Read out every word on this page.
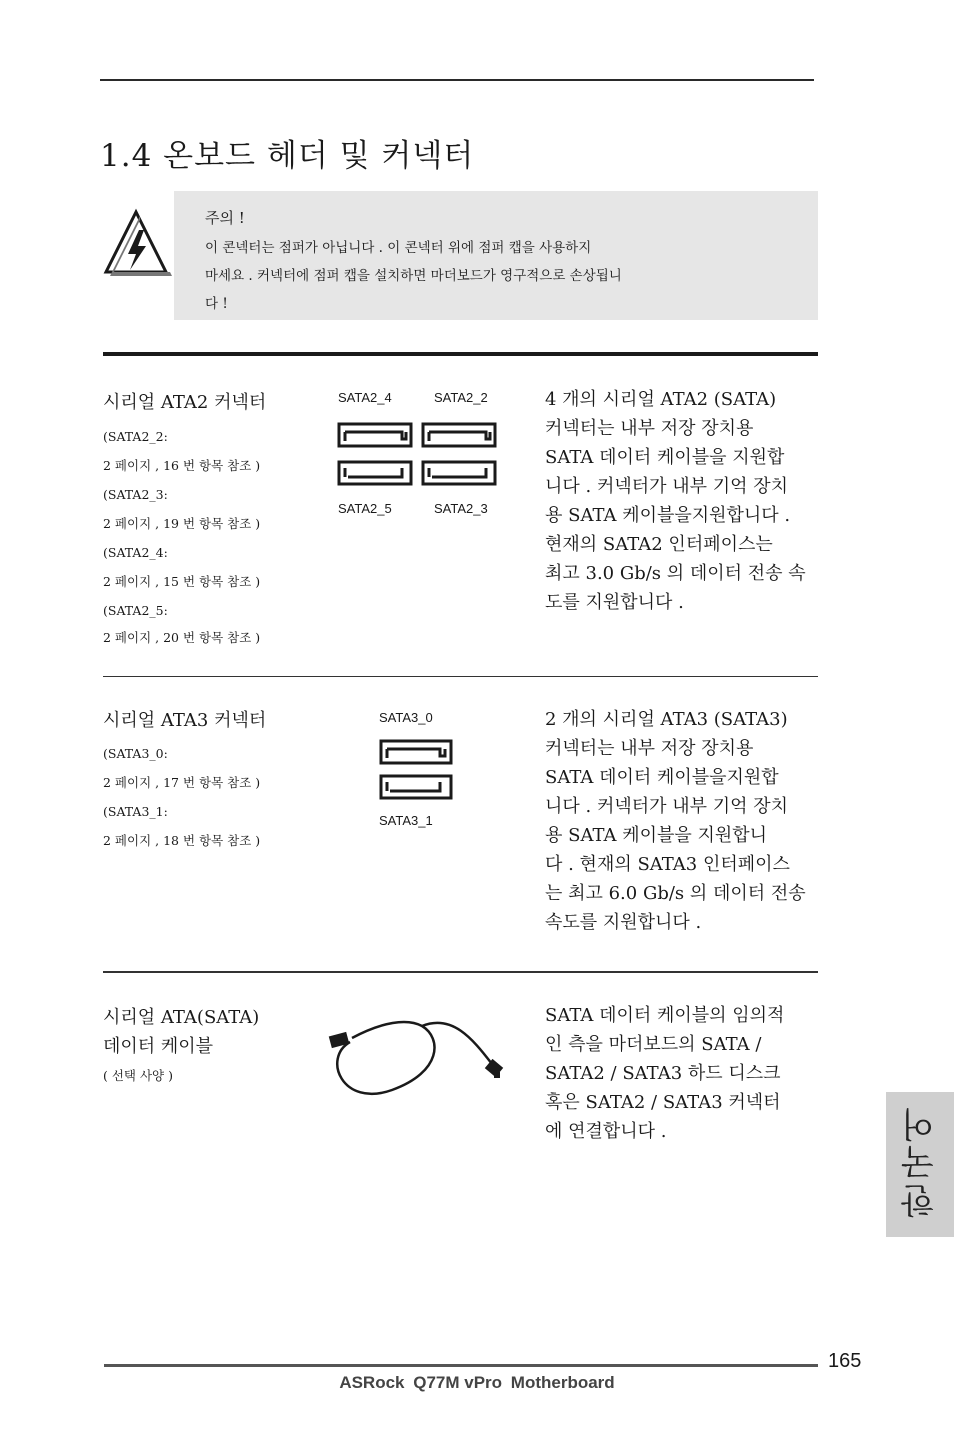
1.4 온보드 헤더 및 커넥터
주의 !
이 콘넥터는 점퍼가 아닙니다 . 이 콘넥터 위에 점퍼 캡을 사용하지
마세요 . 커넥터에 점퍼 캡을 설치하면 마더보드가 영구적으로 손상됩니
다 !
시리얼 ATA2 커넥터
(SATA2_2:
2 페이지 , 16 번 항목 참조 )
(SATA2_3:
2 페이지 , 19 번 항목 참조 )
(SATA2_4:
2 페이지 , 15 번 항목 참조 )
(SATA2_5:
2 페이지 , 20 번 항목 참조 )
SATA2_4	SATA2_2
SATA2_5	SATA2_3
4 개의 시리얼 ATA2 (SATA)
커넥터는 내부 저장 장치용
SATA 데이터 케이블을 지원합
니다 . 커넥터가 내부 기억 장치
용 SATA 케이블을지원합니다 .
현재의 SATA2 인터페이스는
최고 3.0 Gb/s 의 데이터 전송 속
도를 지원합니다 .
시리얼 ATA3 커넥터
(SATA3_0:
2 페이지 , 17 번 항목 참조 )
(SATA3_1:
2 페이지 , 18 번 항목 참조 )
SATA3_0
SATA3_1
2 개의 시리얼 ATA3 (SATA3)
커넥터는 내부 저장 장치용
SATA 데이터 케이블을지원합
니다 . 커넥터가 내부 기억 장치
용 SATA 케이블을 지원합니
다 . 현재의 SATA3 인터페이스
는 최고 6.0 Gb/s 의 데이터 전송
속도를 지원합니다 .
시리얼 ATA(SATA)
데이터 케이블
( 선택 사양 )
SATA 데이터 케이블의 임의적
인 측을 마더보드의 SATA /
SATA2 / SATA3 하드 디스크
혹은 SATA2 / SATA3 커넥터
에 연결합니다 .	한국어
165
ASRock Q77M vPro Motherboard
